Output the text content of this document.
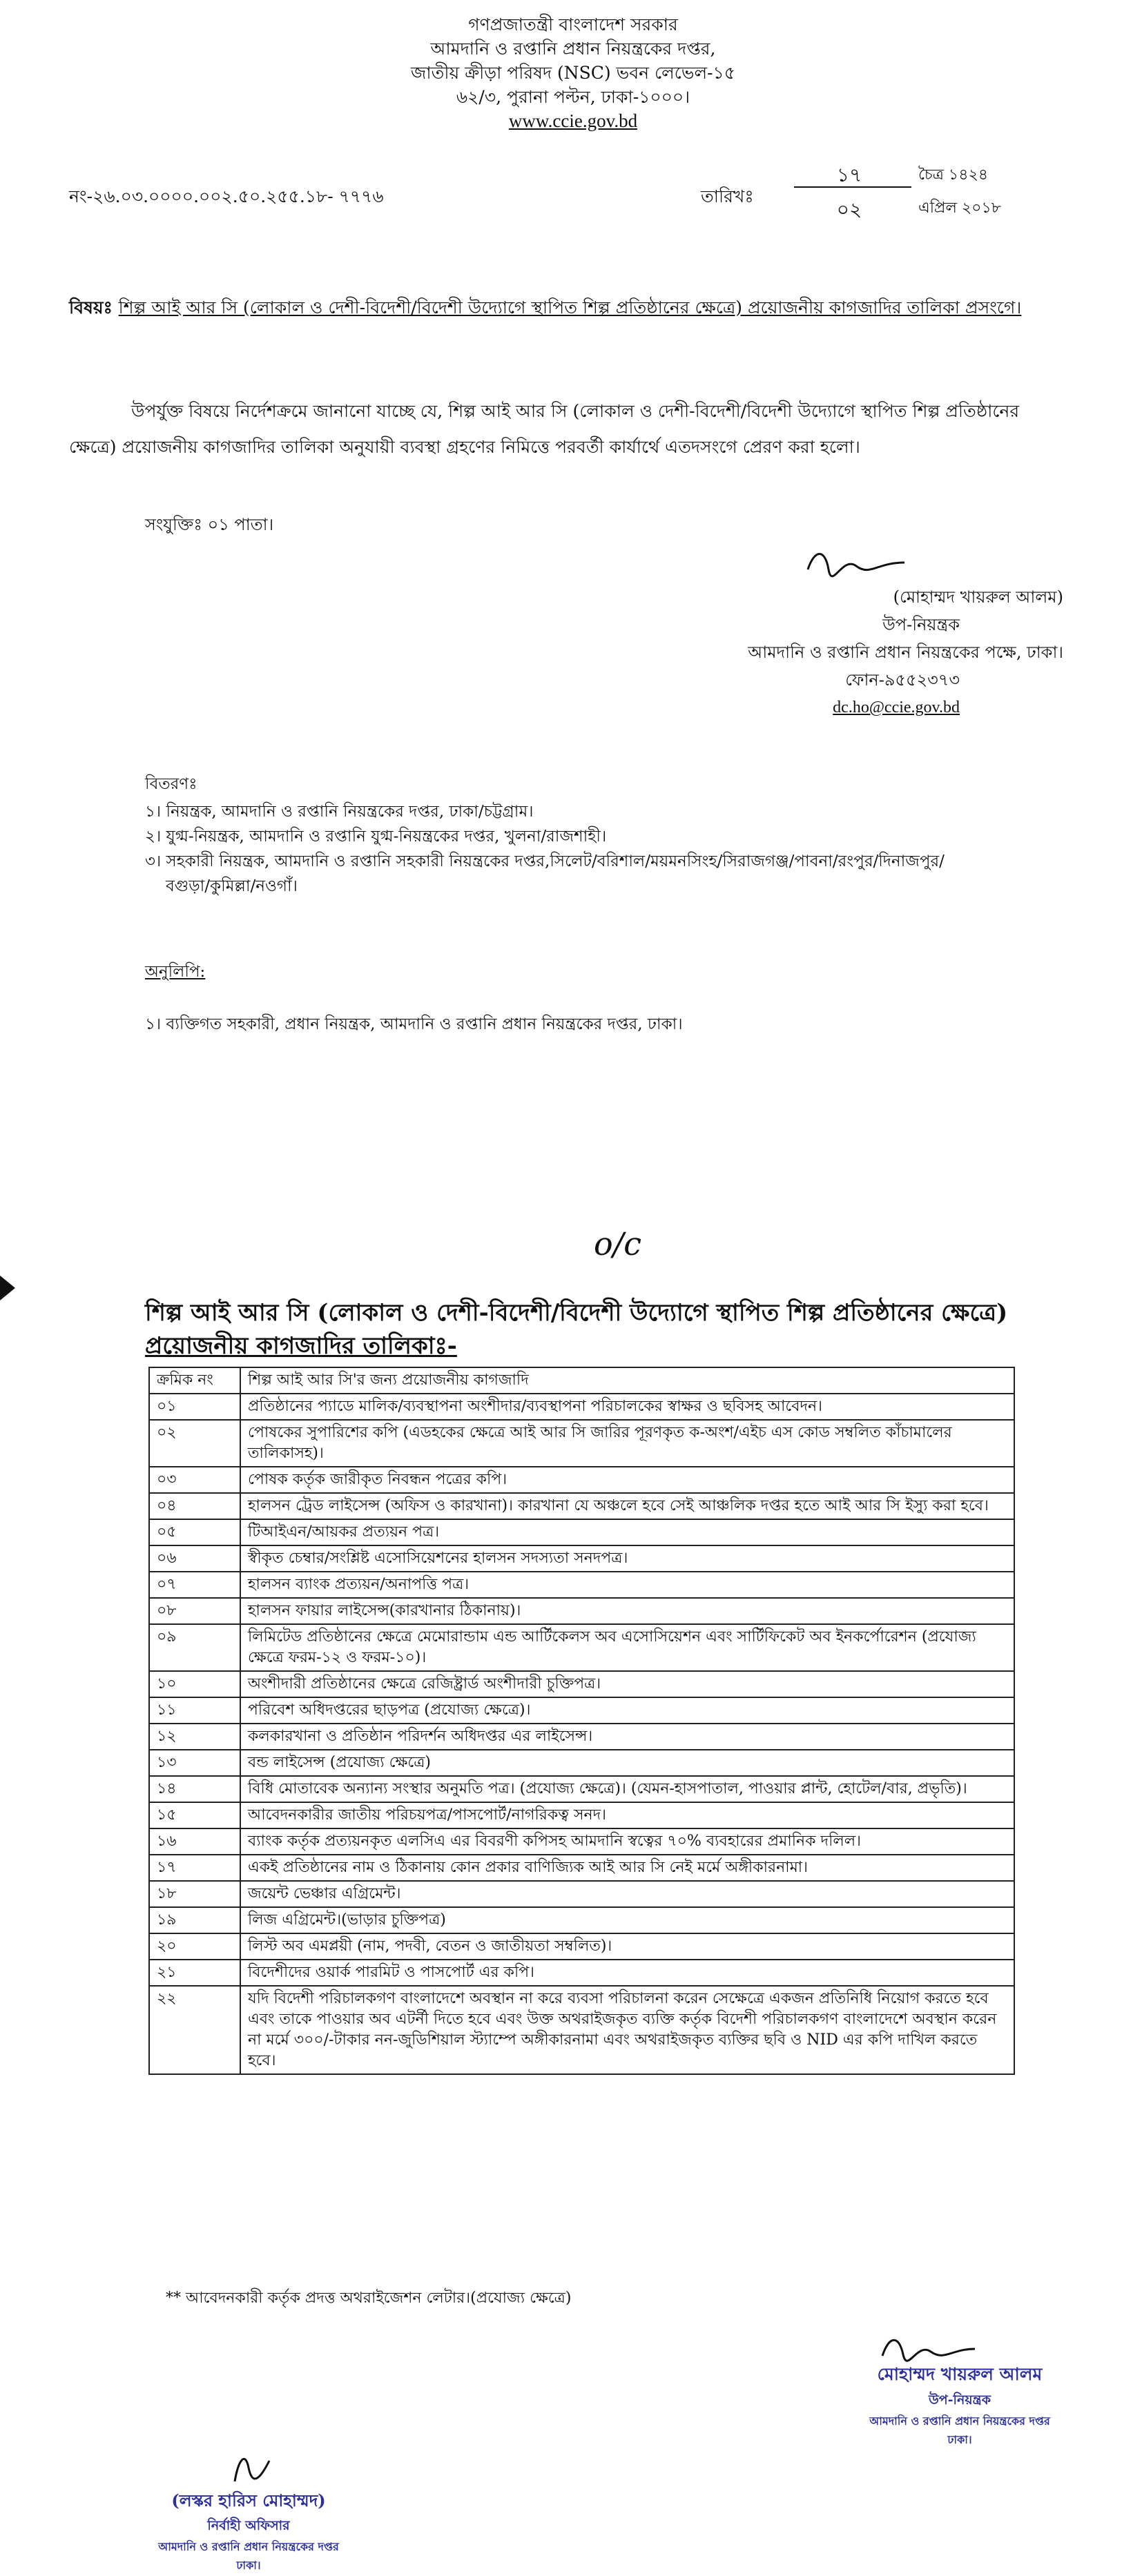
গণপ্রজাতন্ত্রী বাংলাদেশ সরকার
আমদানি ও রপ্তানি প্রধান নিয়ন্ত্রকের দপ্তর,
জাতীয় ক্রীড়া পরিষদ (NSC) ভবন লেভেল-১৫
৬২/৩, পুরানা পল্টন, ঢাকা-১০০০।
www.ccie.gov.bd
নং-২৬.০৩.০০০০.০০২.৫০.২৫৫.১৮- ৭৭৭৬	তারিখঃ
১৭
০২
চৈত্র ১৪২৪
এপ্রিল ২০১৮
বিষয়ঃ শিল্প আই আর সি (লোকাল ও দেশী-বিদেশী/বিদেশী উদ্যোগে স্থাপিত শিল্প প্রতিষ্ঠানের ক্ষেত্রে) প্রয়োজনীয় কাগজাদির তালিকা প্রসংগে।
উপর্যুক্ত বিষয়ে নির্দেশক্রমে জানানো যাচ্ছে যে, শিল্প আই আর সি (লোকাল ও দেশী-বিদেশী/বিদেশী উদ্যোগে স্থাপিত শিল্প প্রতিষ্ঠানের ক্ষেত্রে) প্রয়োজনীয় কাগজাদির তালিকা অনুযায়ী ব্যবস্থা গ্রহণের নিমিত্তে পরবর্তী কার্যার্থে এতদসংগে প্রেরণ করা হলো।
সংযুক্তিঃ ০১ পাতা।
(মোহাম্মদ খায়রুল আলম)
উপ-নিয়ন্ত্রক
আমদানি ও রপ্তানি প্রধান নিয়ন্ত্রকের পক্ষে, ঢাকা।
ফোন-৯৫৫২৩৭৩
dc.ho@ccie.gov.bd
বিতরণঃ
১। নিয়ন্ত্রক, আমদানি ও রপ্তানি নিয়ন্ত্রকের দপ্তর, ঢাকা/চট্টগ্রাম।
২। যুগ্ম-নিয়ন্ত্রক, আমদানি ও রপ্তানি যুগ্ম-নিয়ন্ত্রকের দপ্তর, খুলনা/রাজশাহী।
৩। সহকারী নিয়ন্ত্রক, আমদানি ও রপ্তানি সহকারী নিয়ন্ত্রকের দপ্তর,সিলেট/বরিশাল/ময়মনসিংহ/সিরাজগঞ্জ/পাবনা/রংপুর/দিনাজপুর/
বগুড়া/কুমিল্লা/নওগাঁ।
অনুলিপি:
১। ব্যক্তিগত সহকারী, প্রধান নিয়ন্ত্রক, আমদানি ও রপ্তানি প্রধান নিয়ন্ত্রকের দপ্তর, ঢাকা।
o/c
শিল্প আই আর সি (লোকাল ও দেশী-বিদেশী/বিদেশী উদ্যোগে স্থাপিত শিল্প প্রতিষ্ঠানের ক্ষেত্রে)
প্রয়োজনীয় কাগজাদির তালিকাঃ-
ক্রমিক নং	শিল্প আই আর সি'র জন্য প্রয়োজনীয় কাগজাদি
০১	প্রতিষ্ঠানের প্যাডে মালিক/ব্যবস্থাপনা অংশীদার/ব্যবস্থাপনা পরিচালকের স্বাক্ষর ও ছবিসহ আবেদন।
০২	পোষকের সুপারিশের কপি (এডহকের ক্ষেত্রে আই আর সি জারির পূরণকৃত ক-অংশ/এইচ এস কোড সম্বলিত কাঁচামালের তালিকাসহ)।
০৩	পোষক কর্তৃক জারীকৃত নিবন্ধন পত্রের কপি।
০৪	হালসন ট্রেড লাইসেন্স (অফিস ও কারখানা)। কারখানা যে অঞ্চলে হবে সেই আঞ্চলিক দপ্তর হতে আই আর সি ইস্যু করা হবে।
০৫	টিআইএন/আয়কর প্রত্যয়ন পত্র।
০৬	স্বীকৃত চেম্বার/সংশ্লিষ্ট এসোসিয়েশনের হালসন সদস্যতা সনদপত্র।
০৭	হালসন ব্যাংক প্রত্যয়ন/অনাপত্তি পত্র।
০৮	হালসন ফায়ার লাইসেন্স(কারখানার ঠিকানায়)।
০৯	লিমিটেড প্রতিষ্ঠানের ক্ষেত্রে মেমোরান্ডাম এন্ড আর্টিকেলস অব এসোসিয়েশন এবং সার্টিফিকেট অব ইনকর্পোরেশন (প্রযোজ্য ক্ষেত্রে ফরম-১২ ও ফরম-১০)।
১০	অংশীদারী প্রতিষ্ঠানের ক্ষেত্রে রেজিষ্ট্রার্ড অংশীদারী চুক্তিপত্র।
১১	পরিবেশ অধিদপ্তরের ছাড়পত্র (প্রযোজ্য ক্ষেত্রে)।
১২	কলকারখানা ও প্রতিষ্ঠান পরিদর্শন অধিদপ্তর এর লাইসেন্স।
১৩	বন্ড লাইসেন্স (প্রযোজ্য ক্ষেত্রে)
১৪	বিধি মোতাবেক অন্যান্য সংস্থার অনুমতি পত্র। (প্রযোজ্য ক্ষেত্রে)। (যেমন-হাসপাতাল, পাওয়ার প্লান্ট, হোটেল/বার, প্রভৃতি)।
১৫	আবেদনকারীর জাতীয় পরিচয়পত্র/পাসপোর্ট/নাগরিকত্ব সনদ।
১৬	ব্যাংক কর্তৃক প্রত্যয়নকৃত এলসিএ এর বিবরণী কপিসহ আমদানি স্বত্বের ৭০% ব্যবহারের প্রমানিক দলিল।
১৭	একই প্রতিষ্ঠানের নাম ও ঠিকানায় কোন প্রকার বাণিজ্যিক আই আর সি নেই মর্মে অঙ্গীকারনামা।
১৮	জয়েন্ট ভেঞ্চার এগ্রিমেন্ট।
১৯	লিজ এগ্রিমেন্ট।(ভাড়ার চুক্তিপত্র)
২০	লিস্ট অব এমপ্লয়ী (নাম, পদবী, বেতন ও জাতীয়তা সম্বলিত)।
২১	বিদেশীদের ওয়ার্ক পারমিট ও পাসপোর্ট এর কপি।
২২	যদি বিদেশী পরিচালকগণ বাংলাদেশে অবস্থান না করে ব্যবসা পরিচালনা করেন সেক্ষেত্রে একজন প্রতিনিধি নিয়োগ করতে হবে এবং তাকে পাওয়ার অব এটর্নী দিতে হবে এবং উক্ত অথরাইজকৃত ব্যক্তি কর্তৃক বিদেশী পরিচালকগণ বাংলাদেশে অবস্থান করেন না মর্মে ৩০০/-টাকার নন-জুডিশিয়াল স্ট্যাম্পে অঙ্গীকারনামা এবং অথরাইজকৃত ব্যক্তির ছবি ও NID এর কপি দাখিল করতে হবে।
** আবেদনকারী কর্তৃক প্রদত্ত অথরাইজেশন লেটার।(প্রযোজ্য ক্ষেত্রে)
মোহাম্মদ খায়রুল আলম
উপ-নিয়ন্ত্রক
আমদানি ও রপ্তানি প্রধান নিয়ন্ত্রকের দপ্তর
ঢাকা।
(লস্কর হারিস মোহাম্মদ)
নির্বাহী অফিসার
আমদানি ও রপ্তানি প্রধান নিয়ন্ত্রকের দপ্তর
ঢাকা।
